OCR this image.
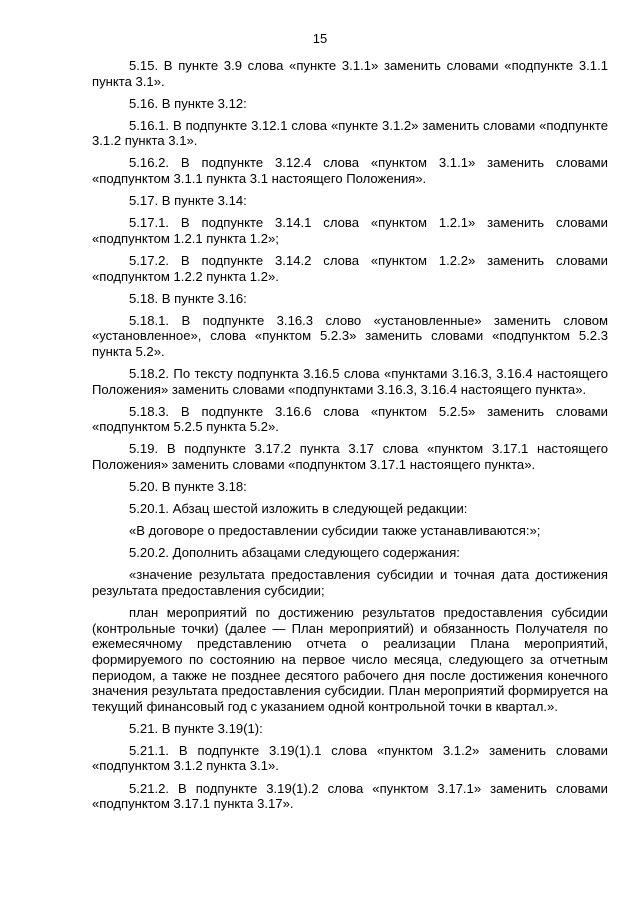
15

5.15. В пункте 3.9 слова «пункте 3.1.1» заменить словами «подпункте 3.1.1 пункта 3.1».

5.16. В пункте 3.12:

5.16.1. В подпункте 3.12.1 слова «пункте 3.1.2» заменить словами «подпункте 3.1.2 пункта 3.1».

5.16.2. В подпункте 3.12.4 слова «пунктом 3.1.1» заменить словами «подпунктом 3.1.1 пункта 3.1 настоящего Положения».

5.17. В пункте 3.14:

5.17.1. В подпункте 3.14.1 слова «пунктом 1.2.1» заменить словами «подпунктом 1.2.1 пункта 1.2»;

5.17.2. В подпункте 3.14.2 слова «пунктом 1.2.2» заменить словами «подпунктом 1.2.2 пункта 1.2».

5.18. В пункте 3.16:

5.18.1. В подпункте 3.16.3 слово «установленные» заменить словом «установленное», слова «пунктом 5.2.3» заменить словами «подпунктом 5.2.3 пункта 5.2».

5.18.2. По тексту подпункта 3.16.5 слова «пунктами 3.16.3, 3.16.4 настоящего Положения» заменить словами «подпунктами 3.16.3, 3.16.4 настоящего пункта».

5.18.3. В подпункте 3.16.6 слова «пунктом 5.2.5» заменить словами «подпунктом 5.2.5 пункта 5.2».

5.19. В подпункте 3.17.2 пункта 3.17 слова «пунктом 3.17.1 настоящего Положения» заменить словами «подпунктом 3.17.1 настоящего пункта».

5.20. В пункте 3.18:

5.20.1. Абзац шестой изложить в следующей редакции:

«В договоре о предоставлении субсидии также устанавливаются:»;

5.20.2. Дополнить абзацами следующего содержания:

«значение результата предоставления субсидии и точная дата достижения результата предоставления субсидии;

план мероприятий по достижению результатов предоставления субсидии (контрольные точки) (далее — План мероприятий) и обязанность Получателя по ежемесячному представлению отчета о реализации Плана мероприятий, формируемого по состоянию на первое число месяца, следующего за отчетным периодом, а также не позднее десятого рабочего дня после достижения конечного значения результата предоставления субсидии. План мероприятий формируется на текущий финансовый год с указанием одной контрольной точки в квартал.».

5.21. В пункте 3.19(1):

5.21.1. В подпункте 3.19(1).1 слова «пунктом 3.1.2» заменить словами «подпунктом 3.1.2 пункта 3.1».

5.21.2. В подпункте 3.19(1).2 слова «пунктом 3.17.1» заменить словами «подпунктом 3.17.1 пункта 3.17».
